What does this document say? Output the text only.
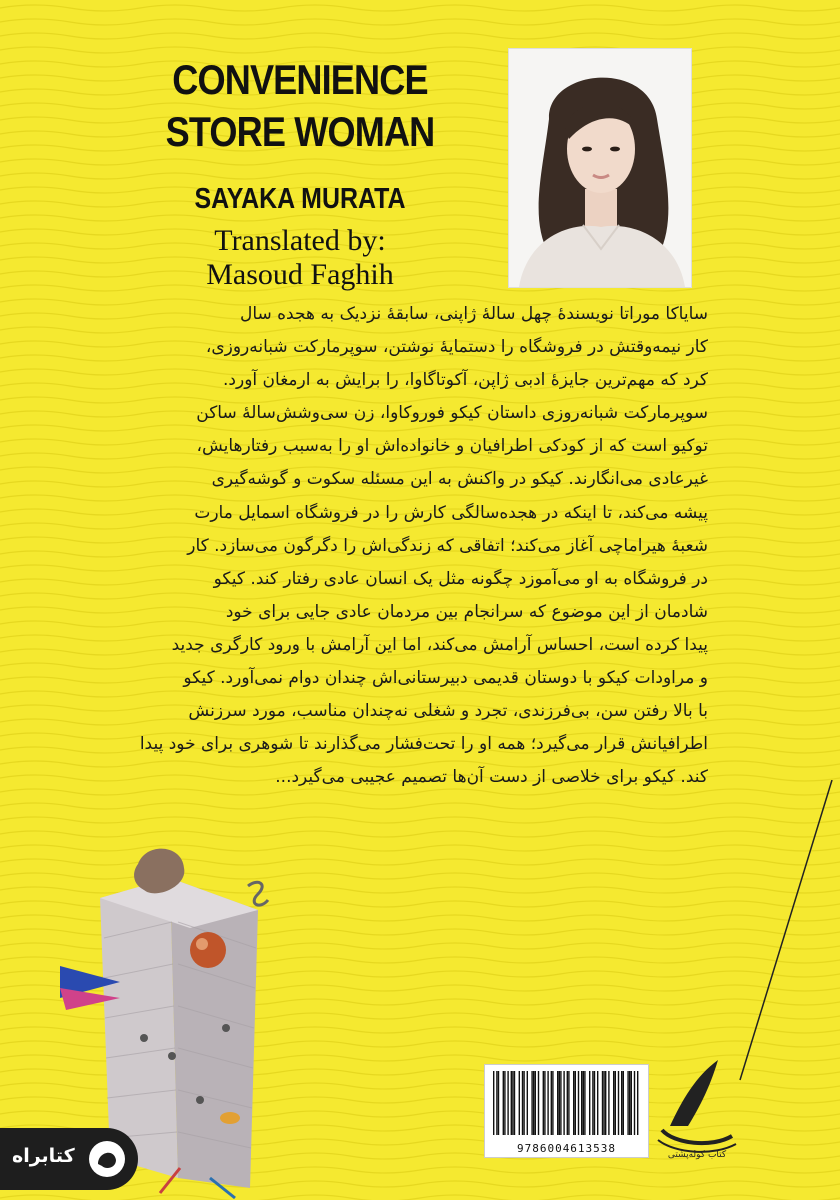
CONVENIENCE
STORE WOMAN
SAYAKA MURATA
Translated by:
Masoud Faghih
ساياكا موراتا نويسندهٔ چهل سالهٔ ژاپنی، سابقهٔ نزدیک به هجده سال
کار نیمه‌وقتش در فروشگاه را دستمایهٔ نوشتن، سوپرمارکت شبانه‌روزی،
کرد که مهم‌ترین جایزهٔ ادبی ژاپن، آکوتاگاوا، را برایش به ارمغان آورد.
سوپرمارکت شبانه‌روزی داستان کیکو فوروکاوا، زن سی‌وشش‌سالهٔ ساکن
توکیو است که از کودکی اطرافیان و خانواده‌اش او را به‌سبب رفتارهایش،
غیرعادی می‌انگارند. کیکو در واکنش به این مسئله سکوت و گوشه‌گیری
پیشه می‌کند، تا اینکه در هجده‌سالگی کارش را در فروشگاه اسمایل مارت
شعبهٔ هیراماچی آغاز می‌کند؛ اتفاقی که زندگی‌اش را دگرگون می‌سازد. کار
در فروشگاه به او می‌آموزد چگونه مثل یک انسان عادی رفتار کند. کیکو
شادمان از این موضوع که سرانجام بین مردمان عادی جایی برای خود
پیدا کرده است، احساس آرامش می‌کند، اما این آرامش با ورود کارگری جدید
و مراودات کیکو با دوستان قدیمی دبیرستانی‌اش چندان دوام نمی‌آورد. کیکو
با بالا رفتن سن، بی‌فرزندی، تجرد و شغلی نه‌چندان مناسب، مورد سرزنش
اطرافیانش قرار می‌گیرد؛ همه او را تحت‌فشار می‌گذارند تا شوهری برای خود پیدا
کند. کیکو برای خلاصی از دست آن‌ها تصمیم عجیبی می‌گیرد...
9786004613538	کتاب کوله‌پشتی
کتابراه
